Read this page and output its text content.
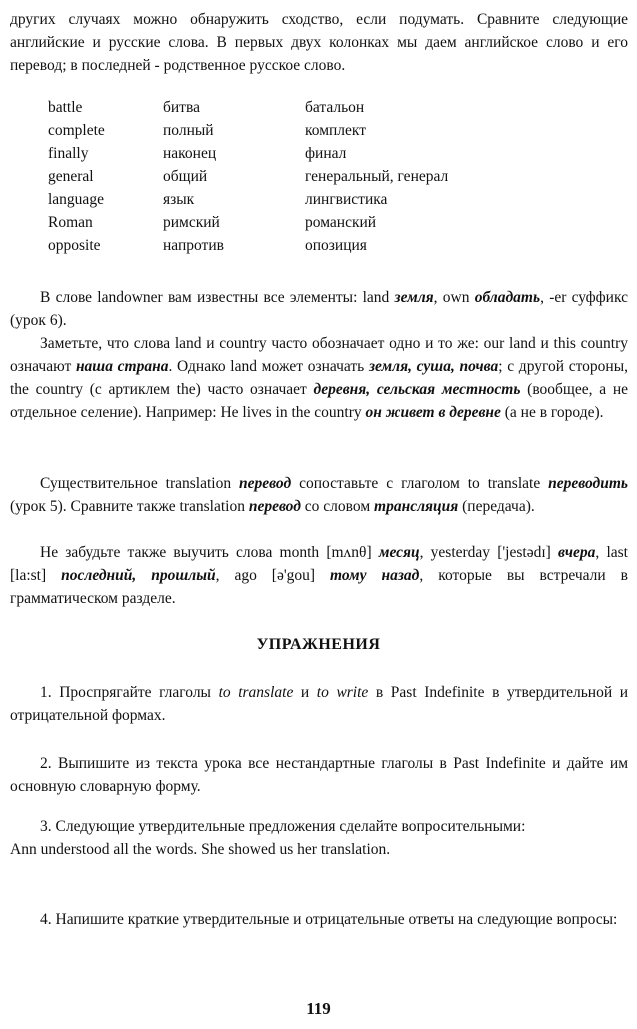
других случаях можно обнаружить сходство, если подумать. Сравните следующие английские и русские слова. В первых двух колонках мы даем английское слово и его перевод; в последней - родственное русское слово.
battle	битва	батальон
complete	полный	комплект
finally	наконец	финал
general	общий	генеральный, генерал
language	язык	лингвистика
Roman	римский	романский
opposite	напротив	опозиция
В слове landowner вам известны все элементы: land земля, own обладать, -er суффикс (урок 6).
Заметьте, что слова land и country часто обозначает одно и то же: our land и this country означают наша страна. Однако land может означать земля, суша, почва; с другой стороны, the country (с артиклем the) часто означает деревня, сельская местность (вообщее, а не отдельное селение). Например: He lives in the country он живет в деревне (а не в городе).
Существительное translation перевод сопоставьте с глаголом to translate переводить (урок 5). Сравните также translation перевод со словом трансляция (передача).
Не забудьте также выучить слова month [mʌnθ] месяц, yesterday ['jestədɪ] вчера, last [la:st] последний, прошлый, ago [ə'gou] тому назад, которые вы встречали в грамматическом разделе.
УПРАЖНЕНИЯ
1. Проспрягайте глаголы to translate и to write в Past Indefinite в утвердительной и отрицательной формах.
2. Выпишите из текста урока все нестандартные глаголы в Past Indefinite и дайте им основную словарную форму.
3. Следующие утвердительные предложения сделайте вопросительными:
Ann understood all the words. She showed us her translation.
4. Напишите краткие утвердительные и отрицательные ответы на следующие вопросы:
119
